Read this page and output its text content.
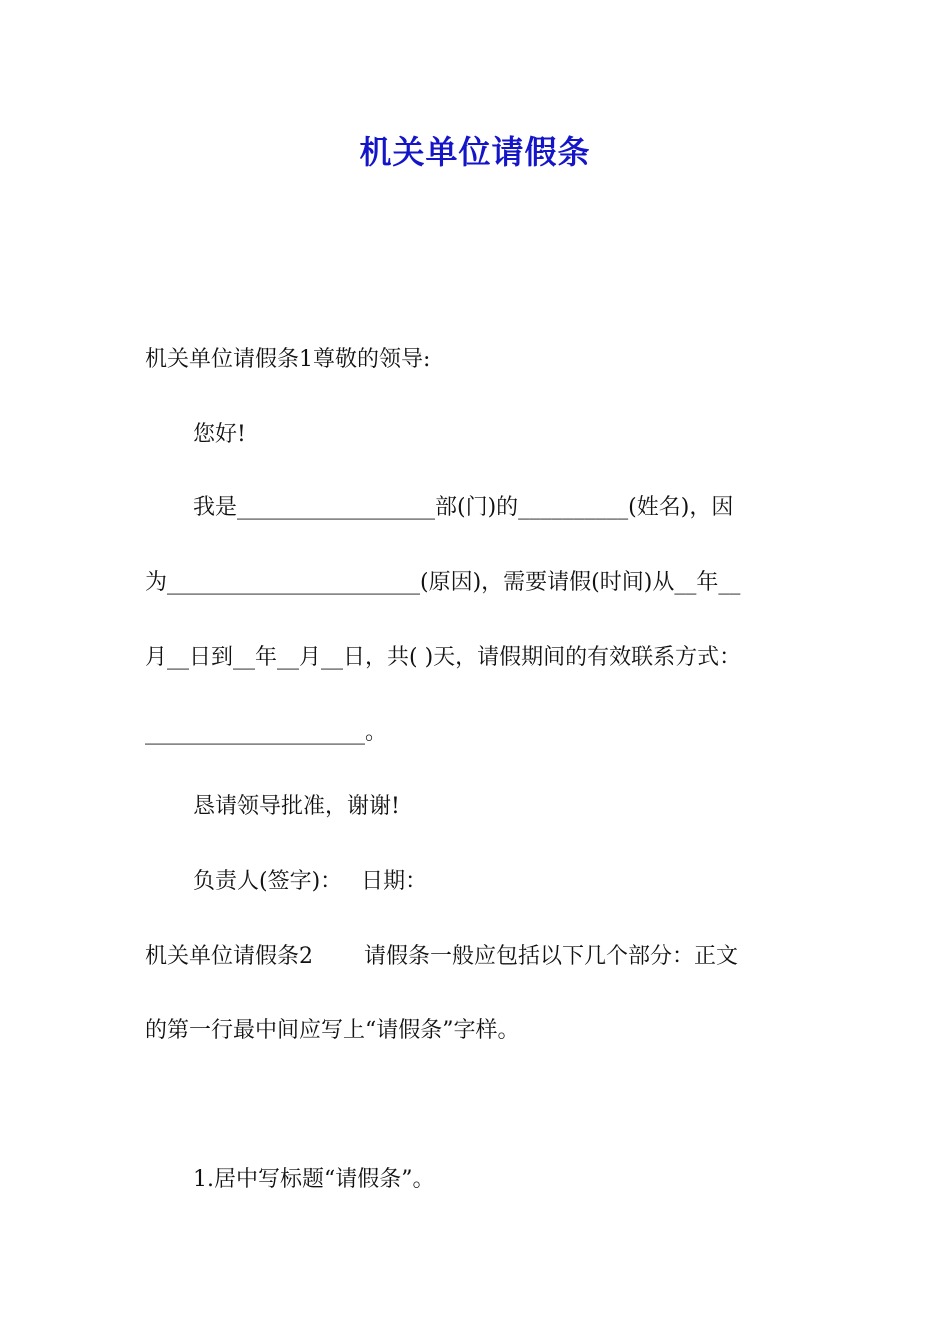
机关单位请假条
机关单位请假条1尊敬的领导:
您好!
我是__________________部(门)的__________(姓名)，因
为_______________________(原因)，需要请假(时间)从__年__
月__日到__年__月__日，共( )天，请假期间的有效联系方式：
____________________。
恳请领导批准，谢谢!
负责人(签字)： 日期：
机关单位请假条2 请假条一般应包括以下几个部分：正文
的第一行最中间应写上“请假条”字样。
1.居中写标题“请假条”。
